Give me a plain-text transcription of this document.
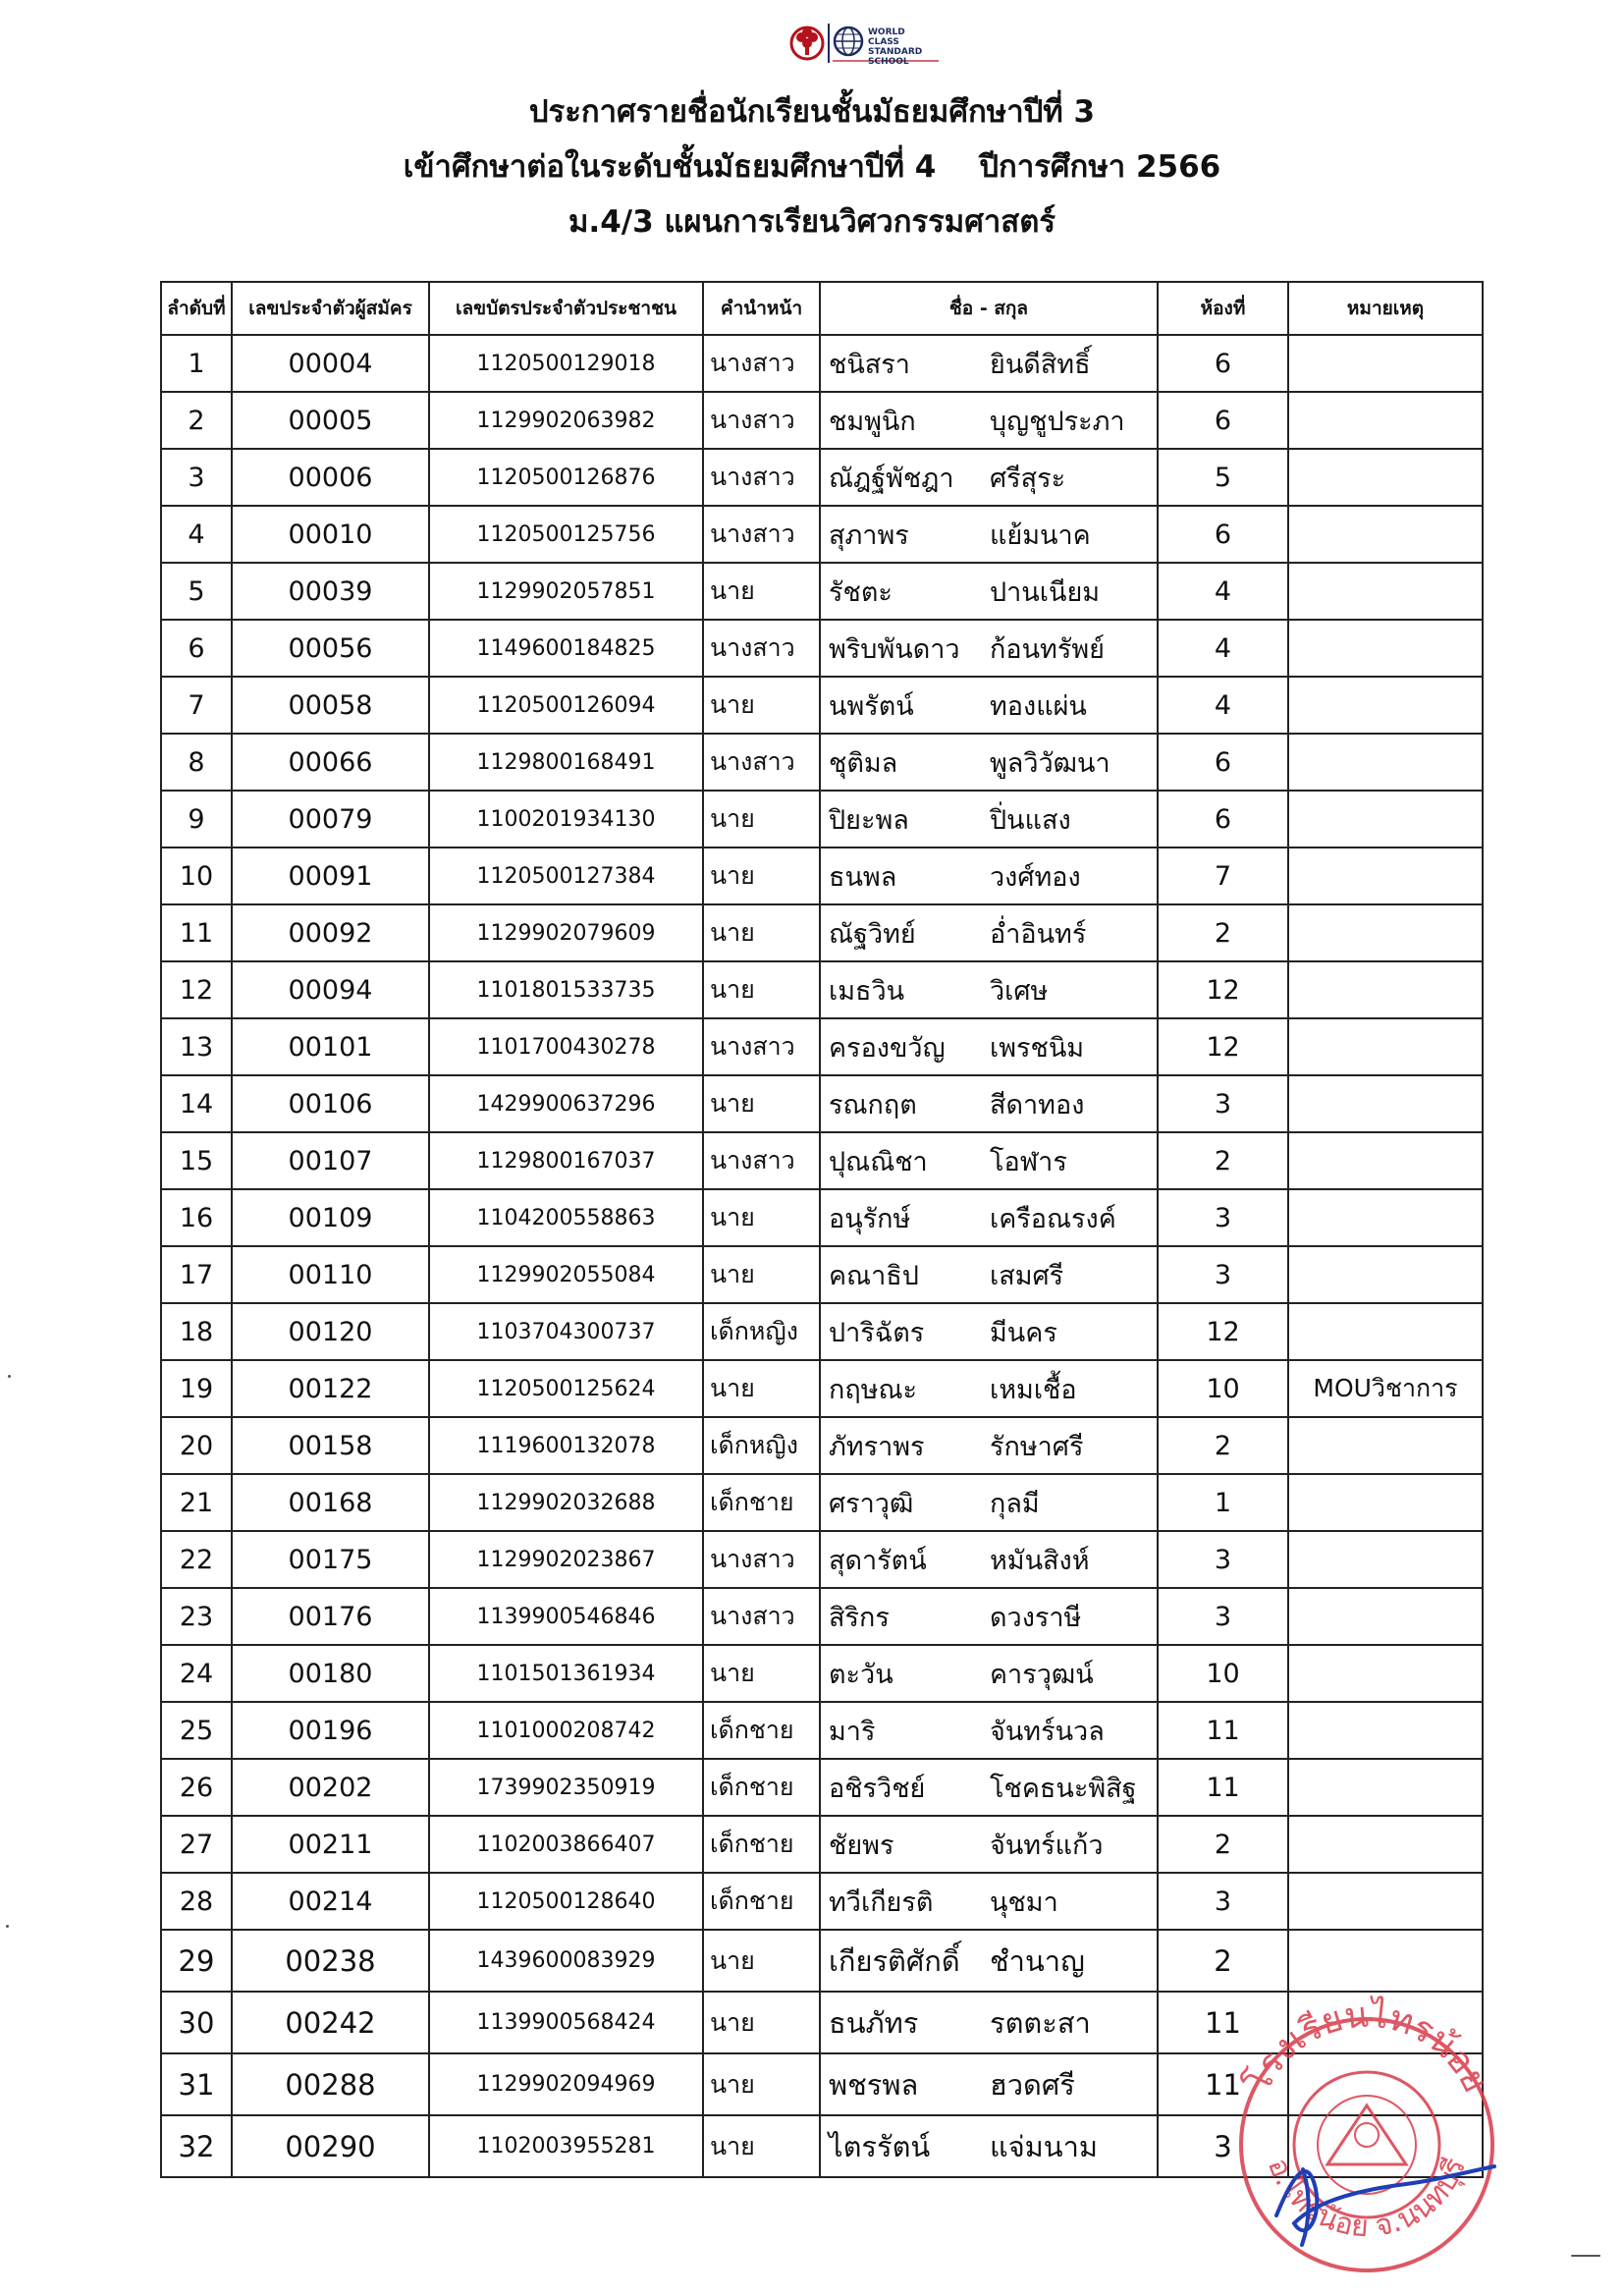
WORLD CLASS STANDARD SCHOOL
ประกาศรายชื่อนักเรียนชั้นมัธยมศึกษาปีที่ 3
เข้าศึกษาต่อในระดับชั้นมัธยมศึกษาปีที่ 4 ปีการศึกษา 2566
ม.4/3 แผนการเรียนวิศวกรรมศาสตร์
ลำดับที่	เลขประจำตัวผู้สมัคร	เลขบัตรประจำตัวประชาชน	คำนำหน้า	ชื่อ - สกุล	ห้องที่	หมายเหตุ
1	00004	1120500129018	นางสาว	ชนิสรา ยินดีสิทธิ์	6	
2	00005	1129902063982	นางสาว	ชมพูนิก บุญชูประภา	6	
3	00006	1120500126876	นางสาว	ณัฎฐ์พัชฎา ศรีสุระ	5	
4	00010	1120500125756	นางสาว	สุภาพร แย้มนาค	6	
5	00039	1129902057851	นาย	รัชตะ ปานเนียม	4	
6	00056	1149600184825	นางสาว	พริบพันดาว ก้อนทรัพย์	4	
7	00058	1120500126094	นาย	นพรัตน์ ทองแผ่น	4	
8	00066	1129800168491	นางสาว	ชุติมล พูลวิวัฒนา	6	
9	00079	1100201934130	นาย	ปิยะพล ปิ่นแสง	6	
10	00091	1120500127384	นาย	ธนพล วงศ์ทอง	7	
11	00092	1129902079609	นาย	ณัฐวิทย์ อ่ำอินทร์	2	
12	00094	1101801533735	นาย	เมธวิน วิเศษ	12	
13	00101	1101700430278	นางสาว	ครองขวัญ เพรชนิม	12	
14	00106	1429900637296	นาย	รณกฤต สีดาทอง	3	
15	00107	1129800167037	นางสาว	ปุณณิชา โอฬาร	2	
16	00109	1104200558863	นาย	อนุรักษ์ เครือณรงค์	3	
17	00110	1129902055084	นาย	คณาธิป เสมศรี	3	
18	00120	1103704300737	เด็กหญิง	ปาริฉัตร มีนคร	12	
19	00122	1120500125624	นาย	กฤษณะ เหมเชื้อ	10	MOUวิชาการ
20	00158	1119600132078	เด็กหญิง	ภัทราพร รักษาศรี	2	
21	00168	1129902032688	เด็กชาย	ศราวุฒิ กุลมี	1	
22	00175	1129902023867	นางสาว	สุดารัตน์ หมันสิงห์	3	
23	00176	1139900546846	นางสาว	สิริกร ดวงราษี	3	
24	00180	1101501361934	นาย	ตะวัน คารวุฒน์	10	
25	00196	1101000208742	เด็กชาย	มาริ จันทร์นวล	11	
26	00202	1739902350919	เด็กชาย	อชิรวิชย์ โชคธนะพิสิฐ	11	
27	00211	1102003866407	เด็กชาย	ชัยพร จันทร์แก้ว	2	
28	00214	1120500128640	เด็กชาย	ทวีเกียรติ นุชมา	3	
29	00238	1439600083929	นาย	เกียรติศักดิ์ ชำนาญ	2	
30	00242	1139900568424	นาย	ธนภัทร รตตะสา	11	
31	00288	1129902094969	นาย	พชรพล ฮวดศรี	11	
32	00290	1102003955281	นาย	ไตรรัตน์ แจ่มนาม	3	
โรงเรียนไทรน้อย
อ.ไทรน้อย จ.นนทบุรี
